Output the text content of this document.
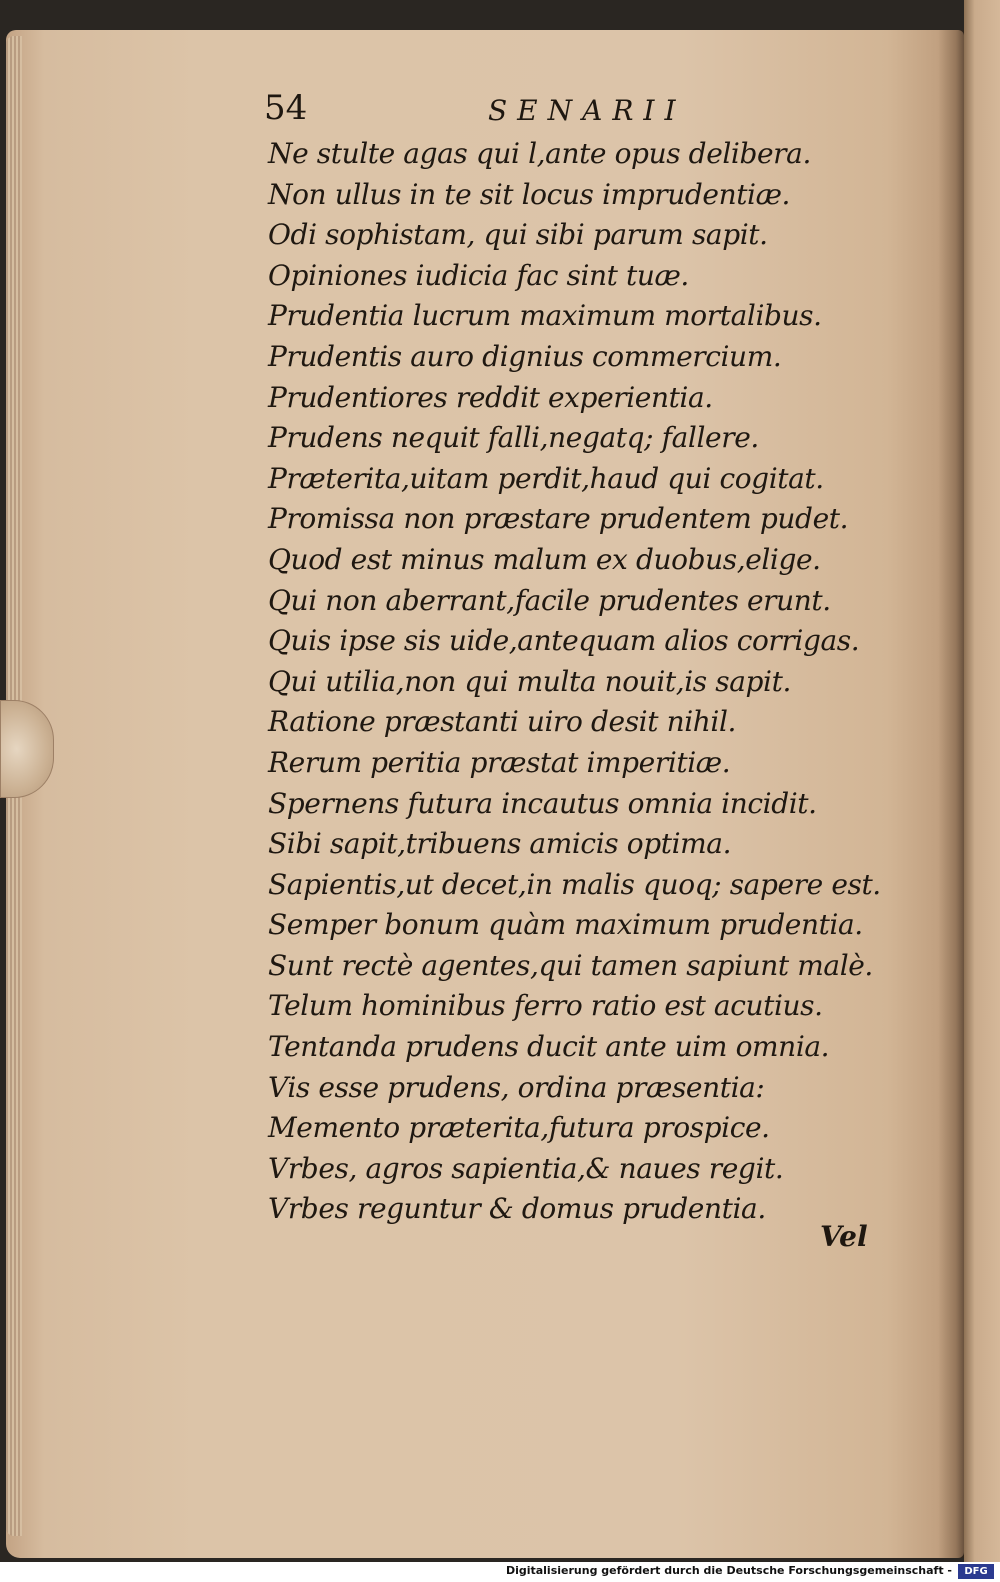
54	SENARII
Ne stulte agas qui l,ante opus delibera.
Non ullus in te sit locus imprudentiæ.
Odi sophistam, qui sibi parum sapit.
Opiniones iudicia fac sint tuæ.
Prudentia lucrum maximum mortalibus.
Prudentis auro dignius commercium.
Prudentiores reddit experientia.
Prudens nequit falli,negatq; fallere.
Præterita,uitam perdit,haud qui cogitat.
Promissa non præstare prudentem pudet.
Quod est minus malum ex duobus,elige.
Qui non aberrant,facile prudentes erunt.
Quis ipse sis uide,antequam alios corrigas.
Qui utilia,non qui multa nouit,is sapit.
Ratione præstanti uiro desit nihil.
Rerum peritia præstat imperitiæ.
Spernens futura incautus omnia incidit.
Sibi sapit,tribuens amicis optima.
Sapientis,ut decet,in malis quoq; sapere est.
Semper bonum quàm maximum prudentia.
Sunt rectè agentes,qui tamen sapiunt malè.
Telum hominibus ferro ratio est acutius.
Tentanda prudens ducit ante uim omnia.
Vis esse prudens, ordina præsentia:
Memento præterita,futura prospice.
Vrbes, agros sapientia,& naues regit.
Vrbes reguntur & domus prudentia.
Vel
Digitalisierung gefördert durch die Deutsche Forschungsgemeinschaft -	DFG
